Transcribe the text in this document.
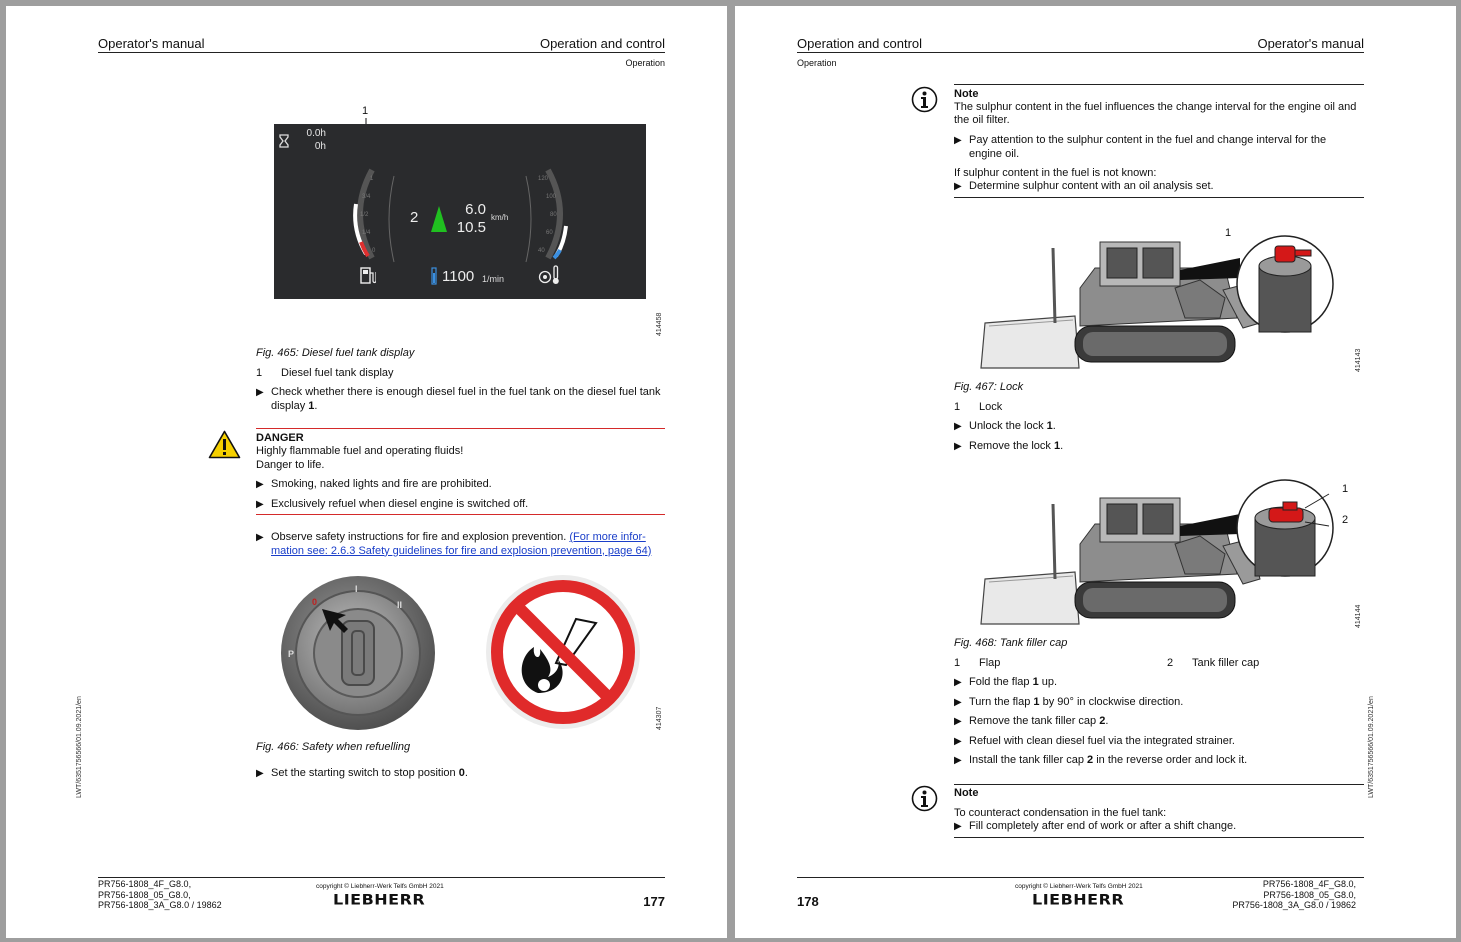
Operator's manual	Operation and control
Operation
1
0.0h
0h
1
3/4
1/2
1/4
0
2	6.0
10.5
km/h
120
100
80
60
40
1100 1/min
414458
Fig. 465: Diesel fuel tank display
1 Diesel fuel tank display
▶ Check whether there is enough diesel fuel in the fuel tank on the diesel fuel tank display 1.
DANGER
Highly flammable fuel and operating fluids!
Danger to life.
▶ Smoking, naked lights and fire are prohibited.
▶ Exclusively refuel when diesel engine is switched off.
▶ Observe safety instructions for fire and explosion prevention. (For more infor-
mation see: 2.6.3 Safety guidelines for fire and explosion prevention, page 64)
P
0
I
II
414307
Fig. 466: Safety when refuelling
▶ Set the starting switch to stop position 0.
LWT/6351756566/01.09.2021/en
PR756-1808_4F_G8.0,
PR756-1808_05_G8.0,
PR756-1808_3A_G8.0 / 19862
copyright © Liebherr-Werk Telfs GmbH 2021
LIEBHERR	177
Operation and control	Operator's manual
Operation
Note
The sulphur content in the fuel influences the change interval for the engine oil and
the oil filter.
▶ Pay attention to the sulphur content in the fuel and change interval for the
engine oil.
If sulphur content in the fuel is not known:
▶ Determine sulphur content with an oil analysis set.
1
414143
Fig. 467: Lock
1 Lock
▶ Unlock the lock 1.
▶ Remove the lock 1.
1
2
414144
Fig. 468: Tank filler cap
1 Flap	2 Tank filler cap
▶ Fold the flap 1 up.
▶ Turn the flap 1 by 90° in clockwise direction.
▶ Remove the tank filler cap 2.
▶ Refuel with clean diesel fuel via the integrated strainer.
▶ Install the tank filler cap 2 in the reverse order and lock it.
Note
To counteract condensation in the fuel tank:
▶ Fill completely after end of work or after a shift change.
LWT/6351756566/01.09.2021/en
178
copyright © Liebherr-Werk Telfs GmbH 2021
LIEBHERR
PR756-1808_4F_G8.0,
PR756-1808_05_G8.0,
PR756-1808_3A_G8.0 / 19862
